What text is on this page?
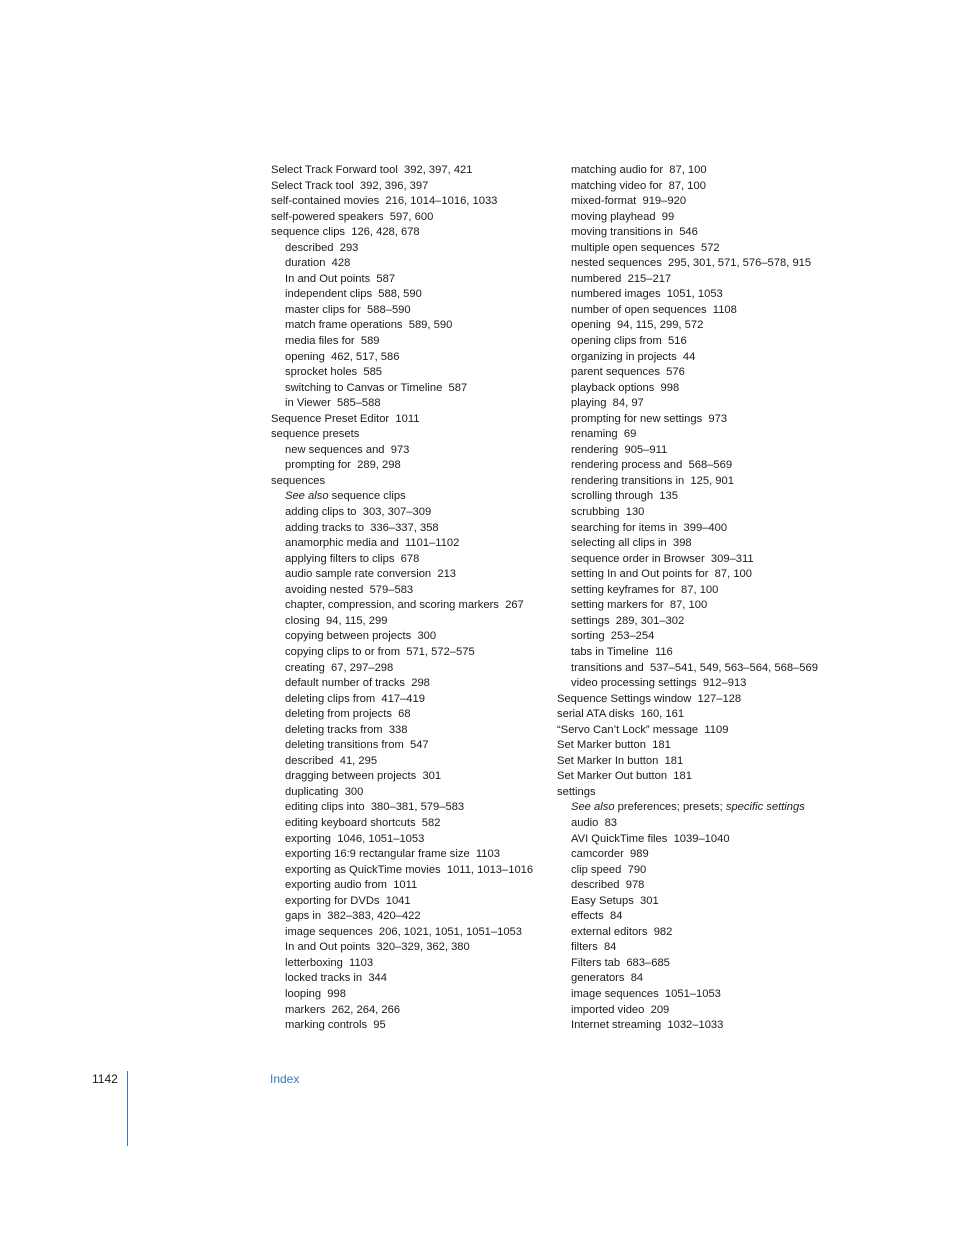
Select Track Forward tool  392, 397, 421
Select Track tool  392, 396, 397
self-contained movies  216, 1014–1016, 1033
self-powered speakers  597, 600
sequence clips  126, 428, 678
described  293
duration  428
In and Out points  587
independent clips  588, 590
master clips for  588–590
match frame operations  589, 590
media files for  589
opening  462, 517, 586
sprocket holes  585
switching to Canvas or Timeline  587
in Viewer  585–588
Sequence Preset Editor  1011
sequence presets
new sequences and  973
prompting for  289, 298
sequences
See also sequence clips
adding clips to  303, 307–309
adding tracks to  336–337, 358
anamorphic media and  1101–1102
applying filters to clips  678
audio sample rate conversion  213
avoiding nested  579–583
chapter, compression, and scoring markers  267
closing  94, 115, 299
copying between projects  300
copying clips to or from  571, 572–575
creating  67, 297–298
default number of tracks  298
deleting clips from  417–419
deleting from projects  68
deleting tracks from  338
deleting transitions from  547
described  41, 295
dragging between projects  301
duplicating  300
editing clips into  380–381, 579–583
editing keyboard shortcuts  582
exporting  1046, 1051–1053
exporting 16:9 rectangular frame size  1103
exporting as QuickTime movies  1011, 1013–1016
exporting audio from  1011
exporting for DVDs  1041
gaps in  382–383, 420–422
image sequences  206, 1021, 1051, 1051–1053
In and Out points  320–329, 362, 380
letterboxing  1103
locked tracks in  344
looping  998
markers  262, 264, 266
marking controls  95
matching audio for  87, 100
matching video for  87, 100
mixed-format  919–920
moving playhead  99
moving transitions in  546
multiple open sequences  572
nested sequences  295, 301, 571, 576–578, 915
numbered  215–217
numbered images  1051, 1053
number of open sequences  1108
opening  94, 115, 299, 572
opening clips from  516
organizing in projects  44
parent sequences  576
playback options  998
playing  84, 97
prompting for new settings  973
renaming  69
rendering  905–911
rendering process and  568–569
rendering transitions in  125, 901
scrolling through  135
scrubbing  130
searching for items in  399–400
selecting all clips in  398
sequence order in Browser  309–311
setting In and Out points for  87, 100
setting keyframes for  87, 100
setting markers for  87, 100
settings  289, 301–302
sorting  253–254
tabs in Timeline  116
transitions and  537–541, 549, 563–564, 568–569
video processing settings  912–913
Sequence Settings window  127–128
serial ATA disks  160, 161
“Servo Can’t Lock” message  1109
Set Marker button  181
Set Marker In button  181
Set Marker Out button  181
settings
See also preferences; presets; specific settings
audio  83
AVI QuickTime files  1039–1040
camcorder  989
clip speed  790
described  978
Easy Setups  301
effects  84
external editors  982
filters  84
Filters tab  683–685
generators  84
image sequences  1051–1053
imported video  209
Internet streaming  1032–1033
1142	Index
